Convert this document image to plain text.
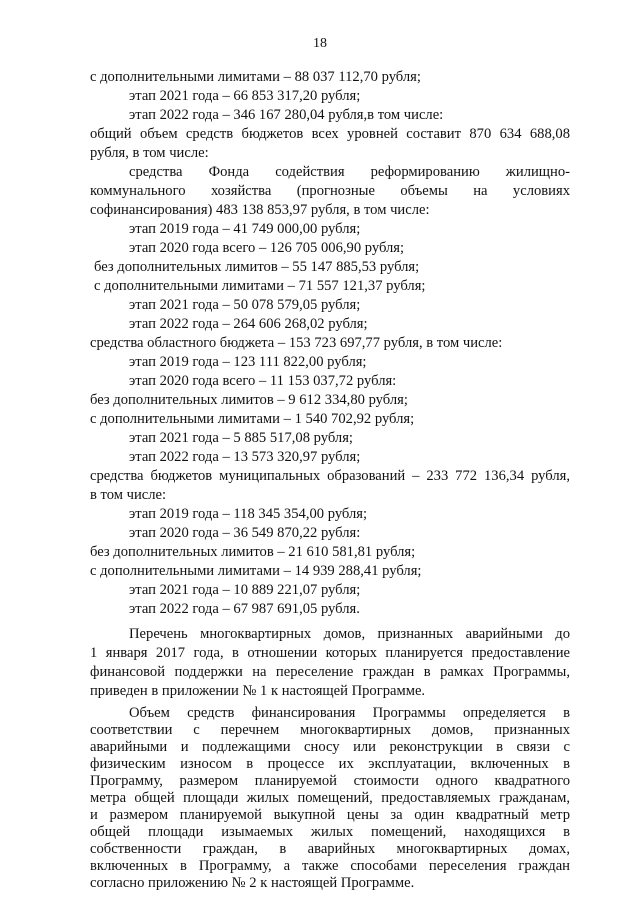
18
с дополнительными лимитами – 88 037 112,70 рубля;
этап 2021 года – 66 853 317,20 рубля;
этап 2022 года – 346 167 280,04 рубля,в том числе:
общий объем средств бюджетов всех уровней составит 870 634 688,08
рубля, в том числе:
средства Фонда содействия реформированию жилищно-
коммунального хозяйства (прогнозные объемы на условиях
софинансирования) 483 138 853,97 рубля, в том числе:
этап 2019 года – 41 749 000,00 рубля;
этап 2020 года всего – 126 705 006,90 рубля;
без дополнительных лимитов – 55 147 885,53 рубля;
с дополнительными лимитами – 71 557 121,37 рубля;
этап 2021 года – 50 078 579,05 рубля;
этап 2022 года – 264 606 268,02 рубля;
средства областного бюджета – 153 723 697,77 рубля, в том числе:
этап 2019 года – 123 111 822,00 рубля;
этап 2020 года всего – 11 153 037,72 рубля:
без дополнительных лимитов – 9 612 334,80 рубля;
с дополнительными лимитами – 1 540 702,92 рубля;
этап 2021 года – 5 885 517,08 рубля;
этап 2022 года – 13 573 320,97 рубля;
средства бюджетов муниципальных образований – 233 772 136,34 рубля,
в том числе:
этап 2019 года – 118 345 354,00 рубля;
этап 2020 года – 36 549 870,22 рубля:
без дополнительных лимитов – 21 610 581,81 рубля;
с дополнительными лимитами – 14 939 288,41 рубля;
этап 2021 года – 10 889 221,07 рубля;
этап 2022 года – 67 987 691,05 рубля.
Перечень многоквартирных домов, признанных аварийными до
1 января 2017 года, в отношении которых планируется предоставление
финансовой поддержки на переселение граждан в рамках Программы,
приведен в приложении № 1 к настоящей Программе.
Объем средств финансирования Программы определяется в
соответствии с перечнем многоквартирных домов, признанных
аварийными и подлежащими сносу или реконструкции в связи с
физическим износом в процессе их эксплуатации, включенных в
Программу, размером планируемой стоимости одного квадратного
метра общей площади жилых помещений, предоставляемых гражданам,
и размером планируемой выкупной цены за один квадратный метр
общей площади изымаемых жилых помещений, находящихся в
собственности граждан, в аварийных многоквартирных домах,
включенных в Программу, а также способами переселения граждан
согласно приложению № 2 к настоящей Программе.
